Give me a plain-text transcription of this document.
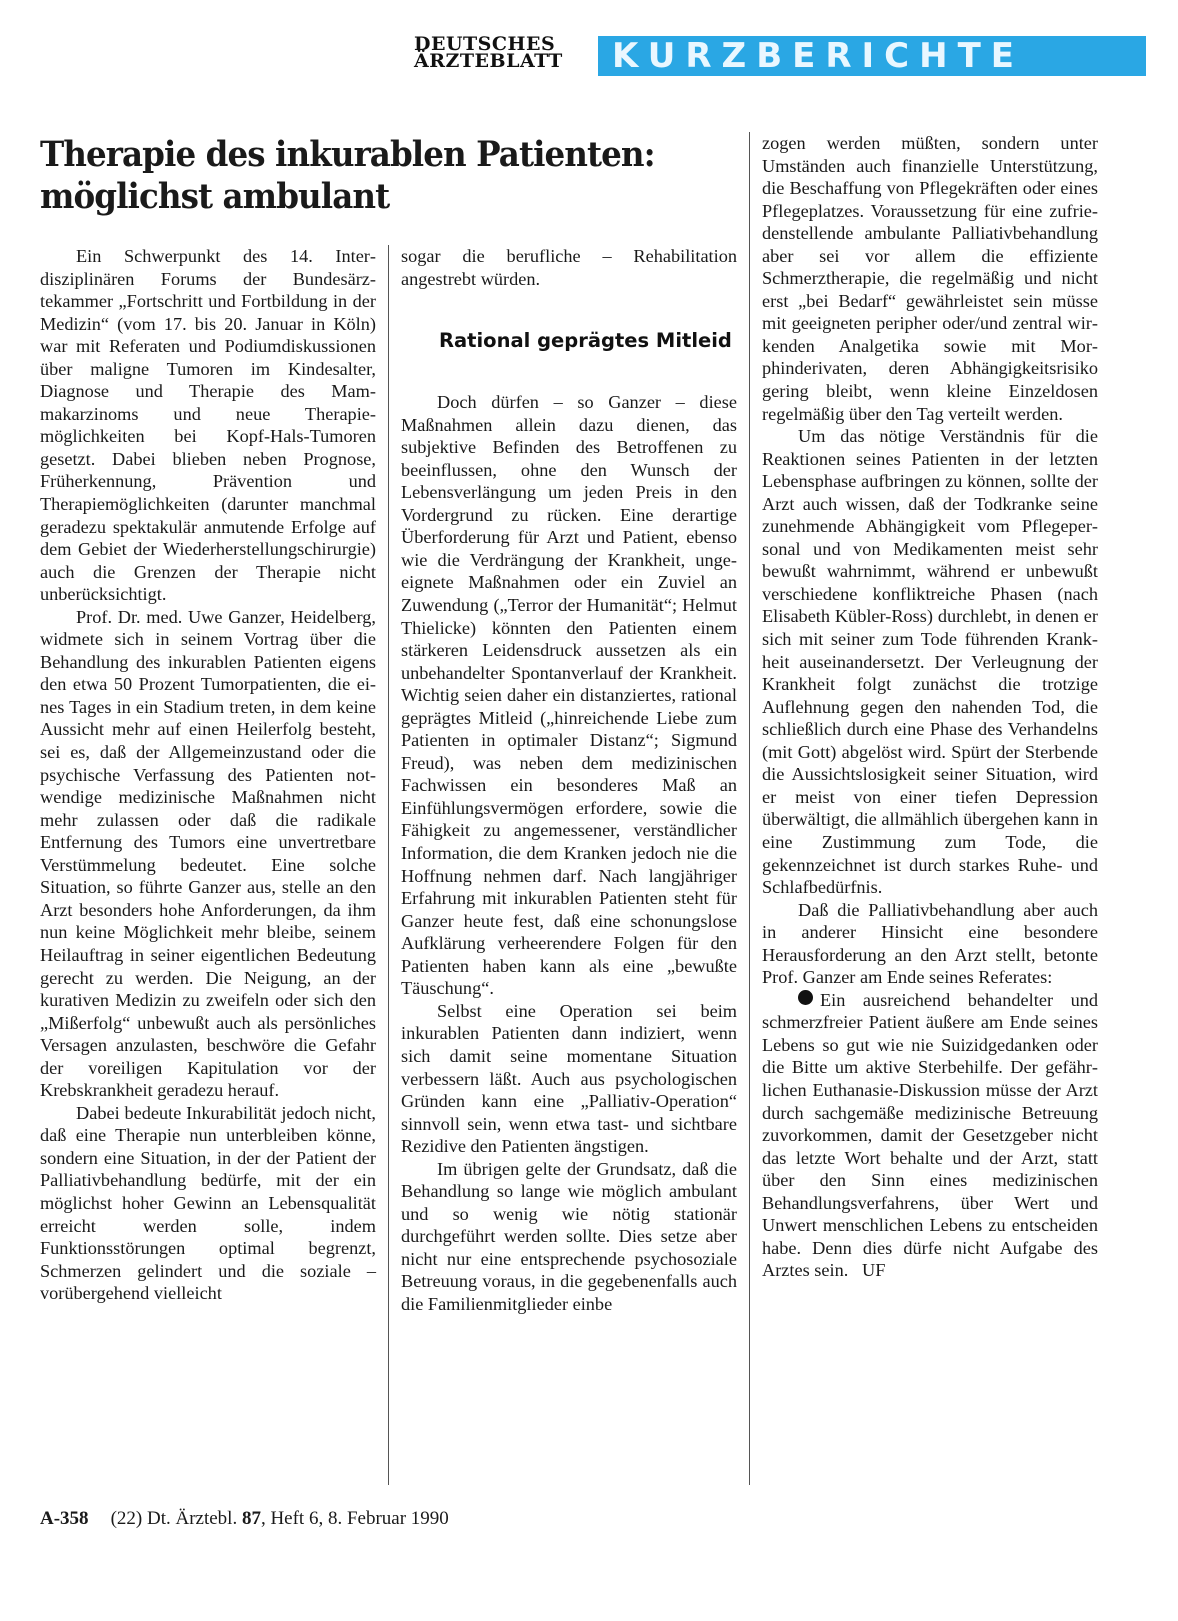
DEUTSCHES
ÄRZTEBLATT	KURZBERICHTE
Therapie des inkurablen Patienten:
möglichst ambulant

Ein Schwerpunkt des 14. Interdisziplinären Forums der Bundesärztekammer „Fortschritt und Fortbildung in der Medizin“ (vom 17. bis 20. Januar in Köln) war mit Referaten und Podiumdiskussionen über maligne Tumoren im Kindesalter, Diagnose und Therapie des Mammakarzinoms und neue Therapiemöglichkeiten bei Kopf-Hals-Tumoren gesetzt. Dabei blieben neben Prognose, Früherkennung, Prävention und Therapiemöglichkeiten (darunter manchmal geradezu spektakulär anmutende Erfolge auf dem Gebiet der Wiederherstellungschirurgie) auch die Grenzen der Therapie nicht unberücksichtigt.

Prof. Dr. med. Uwe Ganzer, Heidelberg, widmete sich in seinem Vortrag über die Behandlung des inkurablen Patienten eigens den etwa 50 Prozent Tumorpatienten, die eines Tages in ein Stadium treten, in dem keine Aussicht mehr auf einen Heilerfolg besteht, sei es, daß der Allgemeinzustand oder die psychische Verfassung des Patienten notwendige medizinische Maßnahmen nicht mehr zulassen oder daß die radikale Entfernung des Tumors eine unvertretbare Verstümmelung bedeutet. Eine solche Situation, so führte Ganzer aus, stelle an den Arzt besonders hohe Anforderungen, da ihm nun keine Möglichkeit mehr bleibe, seinem Heilauftrag in seiner eigentlichen Bedeutung gerecht zu werden. Die Neigung, an der kurativen Medizin zu zweifeln oder sich den „Mißerfolg“ unbewußt auch als persönliches Versagen anzulasten, beschwöre die Gefahr der voreiligen Kapitulation vor der Krebskrankheit geradezu herauf.

Dabei bedeute Inkurabilität jedoch nicht, daß eine Therapie nun unterbleiben könne, sondern eine Situation, in der der Patient der Palliativbehandlung bedürfe, mit der ein möglichst hoher Gewinn an Lebensqualität erreicht werden solle, indem Funktionsstörungen optimal begrenzt, Schmerzen gelindert und die soziale – vorübergehend vielleicht

sogar die berufliche – Rehabilitation angestrebt würden.

Rational geprägtes Mitleid

Doch dürfen – so Ganzer – diese Maßnahmen allein dazu dienen, das subjektive Befinden des Betroffenen zu beeinflussen, ohne den Wunsch der Lebensverlängung um jeden Preis in den Vordergrund zu rücken. Eine derartige Überforderung für Arzt und Patient, ebenso wie die Verdrängung der Krankheit, ungeeignete Maßnahmen oder ein Zuviel an Zuwendung („Terror der Humanität“; Helmut Thielicke) könnten den Patienten einem stärkeren Leidensdruck aussetzen als ein unbehandelter Spontanverlauf der Krankheit. Wichtig seien daher ein distanziertes, rational geprägtes Mitleid („hinreichende Liebe zum Patienten in optimaler Distanz“; Sigmund Freud), was neben dem medizinischen Fachwissen ein besonderes Maß an Einfühlungsvermögen erfordere, sowie die Fähigkeit zu angemessener, verständlicher Information, die dem Kranken jedoch nie die Hoffnung nehmen darf. Nach langjähriger Erfahrung mit inkurablen Patienten steht für Ganzer heute fest, daß eine schonungslose Aufklärung verheerendere Folgen für den Patienten haben kann als eine „bewußte Täuschung“.

Selbst eine Operation sei beim inkurablen Patienten dann indiziert, wenn sich damit seine momentane Situation verbessern läßt. Auch aus psychologischen Gründen kann eine „Palliativ-Operation“ sinnvoll sein, wenn etwa tast- und sichtbare Rezidive den Patienten ängstigen.

Im übrigen gelte der Grundsatz, daß die Behandlung so lange wie möglich ambulant und so wenig wie nötig stationär durchgeführt werden sollte. Dies setze aber nicht nur eine entsprechende psychosoziale Betreuung voraus, in die gegebenenfalls auch die Familienmitglieder einbe

zogen werden müßten, sondern unter Umständen auch finanzielle Unterstützung, die Beschaffung von Pflegekräften oder eines Pflegeplatzes. Voraussetzung für eine zufriedenstellende ambulante Palliativbehandlung aber sei vor allem die effiziente Schmerztherapie, die regelmäßig und nicht erst „bei Bedarf“ gewährleistet sein müsse mit geeigneten peripher oder/und zentral wirkenden Analgetika sowie mit Morphinderivaten, deren Abhängigkeitsrisiko gering bleibt, wenn kleine Einzeldosen regelmäßig über den Tag verteilt werden.

Um das nötige Verständnis für die Reaktionen seines Patienten in der letzten Lebensphase aufbringen zu können, sollte der Arzt auch wissen, daß der Todkranke seine zunehmende Abhängigkeit vom Pflegepersonal und von Medikamenten meist sehr bewußt wahrnimmt, während er unbewußt verschiedene konfliktreiche Phasen (nach Elisabeth Kübler-Ross) durchlebt, in denen er sich mit seiner zum Tode führenden Krankheit auseinandersetzt. Der Verleugnung der Krankheit folgt zunächst die trotzige Auflehnung gegen den nahenden Tod, die schließlich durch eine Phase des Verhandelns (mit Gott) abgelöst wird. Spürt der Sterbende die Aussichtslosigkeit seiner Situation, wird er meist von einer tiefen Depression überwältigt, die allmählich übergehen kann in eine Zustimmung zum Tode, die gekennzeichnet ist durch starkes Ruhe- und Schlafbedürfnis.

Daß die Palliativbehandlung aber auch in anderer Hinsicht eine besondere Herausforderung an den Arzt stellt, betonte Prof. Ganzer am Ende seines Referates:

Ein ausreichend behandelter und schmerzfreier Patient äußere am Ende seines Lebens so gut wie nie Suizidgedanken oder die Bitte um aktive Sterbehilfe. Der gefährlichen Euthanasie-Diskussion müsse der Arzt durch sachgemäße medizinische Betreuung zuvorkommen, damit der Gesetzgeber nicht das letzte Wort behalte und der Arzt, statt über den Sinn eines medizinischen Behandlungsverfahrens, über Wert und Unwert menschlichen Lebens zu entscheiden habe. Denn dies dürfe nicht Aufgabe des Arztes sein. UF

A-358 (22) Dt. Ärztebl. 87, Heft 6, 8. Februar 1990
